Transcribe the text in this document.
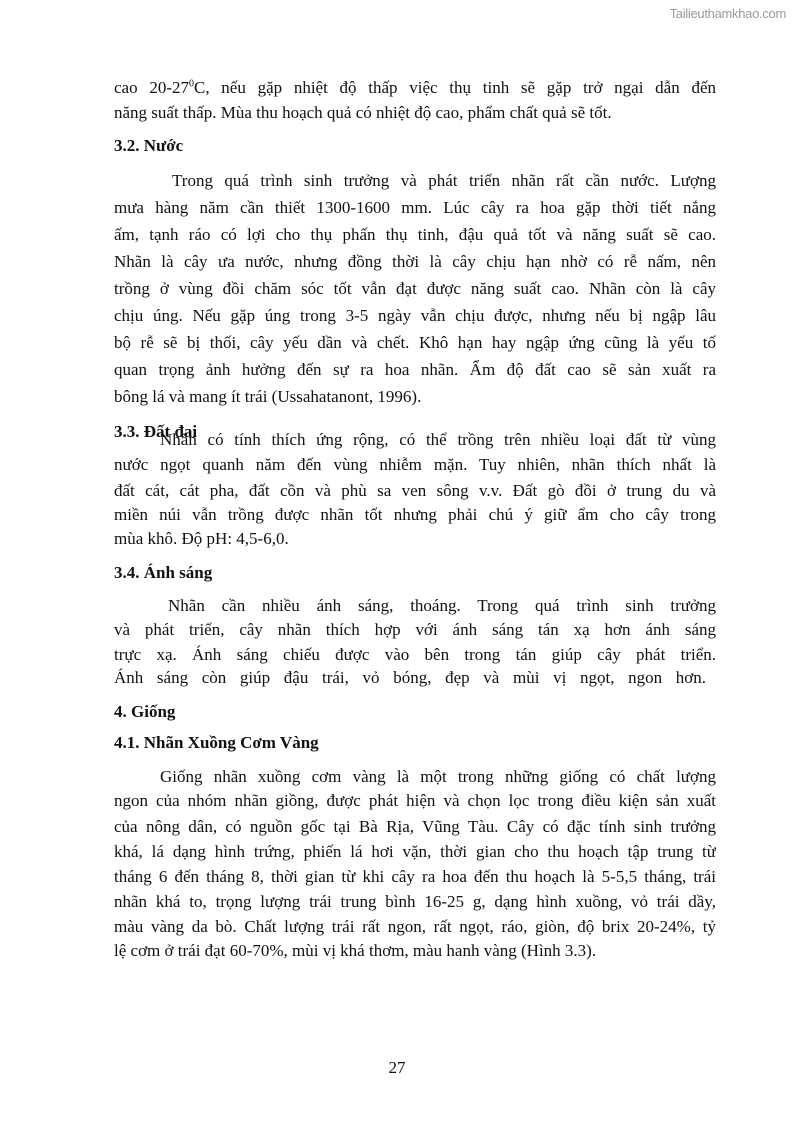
Tailieuthamkhao.com
cao $20-27^0C$, nếu gặp nhiệt độ thấp việc thụ tinh sẽ gặp trở ngại dẫn đến
năng suất thấp. Mùa thu hoạch quả có nhiệt độ cao, phẩm chất quả sẽ tốt.
3.2. Nước
Trong quá trình sinh trưởng và phát triển nhãn rất cần nước. Lượng
mưa hàng năm cần thiết 1300-1600 mm. Lúc cây ra hoa gặp thời tiết nắng
ấm, tạnh ráo có lợi cho thụ phấn thụ tinh, đậu quả tốt và năng suất sẽ cao.
Nhãn là cây ưa nước, nhưng đồng thời là cây chịu hạn nhờ có rễ nấm, nên
trồng ở vùng đồi chăm sóc tốt vẫn đạt được năng suất cao. Nhãn còn là cây
chịu úng. Nếu gặp úng trong 3-5 ngày vẫn chịu được, nhưng nếu bị ngập lâu
bộ rễ sẽ bị thối, cây yếu dần và chết. Khô hạn hay ngập ứng cũng là yếu tố
quan trọng ảnh hưởng đến sự ra hoa nhãn. Ẩm độ đất cao sẽ sản xuất ra
bông lá và mang ít trái (Ussahatanont, 1996).
3.3. Đất đai
Nhãn có tính thích ứng rộng, có thể trồng trên nhiều loại đất từ vùng
nước ngọt quanh năm đến vùng nhiễm mặn. Tuy nhiên, nhãn thích nhất là
đất cát, cát pha, đất cồn và phù sa ven sông v.v. Đất gò đồi ở trung du và
miền núi vẫn trồng được nhãn tốt nhưng phải chú ý giữ ẩm cho cây trong
mùa khô. Độ pH: 4,5-6,0.
3.4. Ánh sáng
Nhãn cần nhiều ánh sáng, thoáng. Trong quá trình sinh trưởng
và phát triển, cây nhãn thích hợp với ánh sáng tán xạ hơn ánh sáng
trực xạ. Ánh sáng chiếu được vào bên trong tán giúp cây phát triển.
Ánh sáng còn giúp đậu trái, vỏ bóng, đẹp và mùi vị ngọt, ngon hơn.
4. Giống
4.1. Nhãn Xuồng Cơm Vàng
Giống nhãn xuồng cơm vàng là một trong những giống có chất lượng
ngon của nhóm nhãn giồng, được phát hiện và chọn lọc trong điều kiện sản xuất
của nông dân, có nguồn gốc tại Bà Rịa, Vũng Tàu. Cây có đặc tính sinh trưởng
khá, lá dạng hình trứng, phiến lá hơi vặn, thời gian cho thu hoạch tập trung từ
tháng 6 đến tháng 8, thời gian từ khi cây ra hoa đến thu hoạch là 5-5,5 tháng, trái
nhãn khá to, trọng lượng trái trung bình 16-25 g, dạng hình xuồng, vỏ trái dầy,
màu vàng da bò. Chất lượng trái rất ngon, rất ngọt, ráo, giòn, độ brix 20-24%, tỷ
lệ cơm ở trái đạt 60-70%, mùi vị khá thơm, màu hanh vàng (Hình 3.3).
27
